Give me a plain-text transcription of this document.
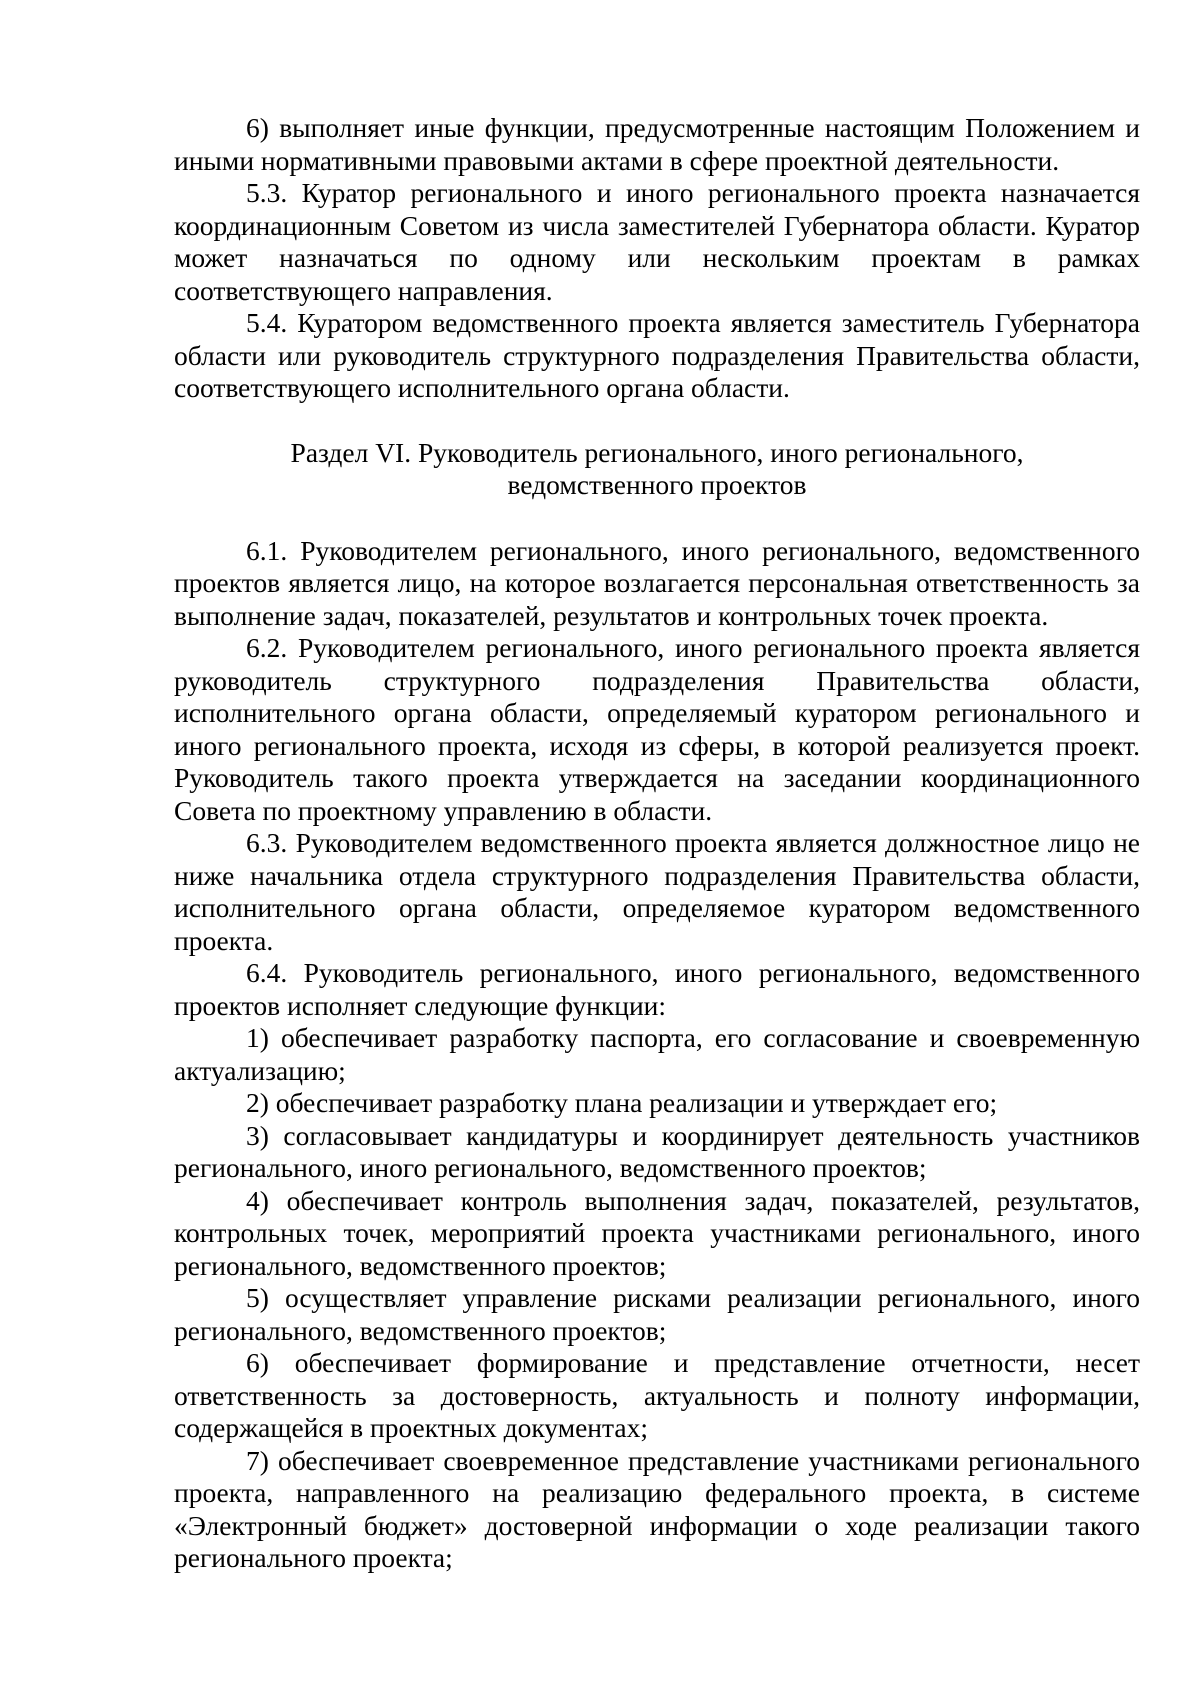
6) выполняет иные функции, предусмотренные настоящим Положением и иными нормативными правовыми актами в сфере проектной деятельности.

5.3. Куратор регионального и иного регионального проекта назначается координационным Советом из числа заместителей Губернатора области. Куратор может назначаться по одному или нескольким проектам в рамках соответствующего направления.

5.4. Куратором ведомственного проекта является заместитель Губернатора области или руководитель структурного подразделения Правительства области, соответствующего исполнительного органа области.

Раздел VI. Руководитель регионального, иного регионального,
ведомственного проектов

6.1. Руководителем регионального, иного регионального, ведомственного проектов является лицо, на которое возлагается персональная ответственность за выполнение задач, показателей, результатов и контрольных точек проекта.

6.2. Руководителем регионального, иного регионального проекта является руководитель структурного подразделения Правительства области, исполнительного органа области, определяемый куратором регионального и иного регионального проекта, исходя из сферы, в которой реализуется проект. Руководитель такого проекта утверждается на заседании координационного Совета по проектному управлению в области.

6.3. Руководителем ведомственного проекта является должностное лицо не ниже начальника отдела структурного подразделения Правительства области, исполнительного органа области, определяемое куратором ведомственного проекта.

6.4. Руководитель регионального, иного регионального, ведомственного проектов исполняет следующие функции:

1) обеспечивает разработку паспорта, его согласование и своевременную актуализацию;

2) обеспечивает разработку плана реализации и утверждает его;

3) согласовывает кандидатуры и координирует деятельность участников регионального, иного регионального, ведомственного проектов;

4) обеспечивает контроль выполнения задач, показателей, результатов, контрольных точек, мероприятий проекта участниками регионального, иного регионального, ведомственного проектов;

5) осуществляет управление рисками реализации регионального, иного регионального, ведомственного проектов;

6) обеспечивает формирование и представление отчетности, несет ответственность за достоверность, актуальность и полноту информации, содержащейся в проектных документах;

7) обеспечивает своевременное представление участниками регионального проекта, направленного на реализацию федерального проекта, в системе «Электронный бюджет» достоверной информации о ходе реализации такого регионального проекта;
